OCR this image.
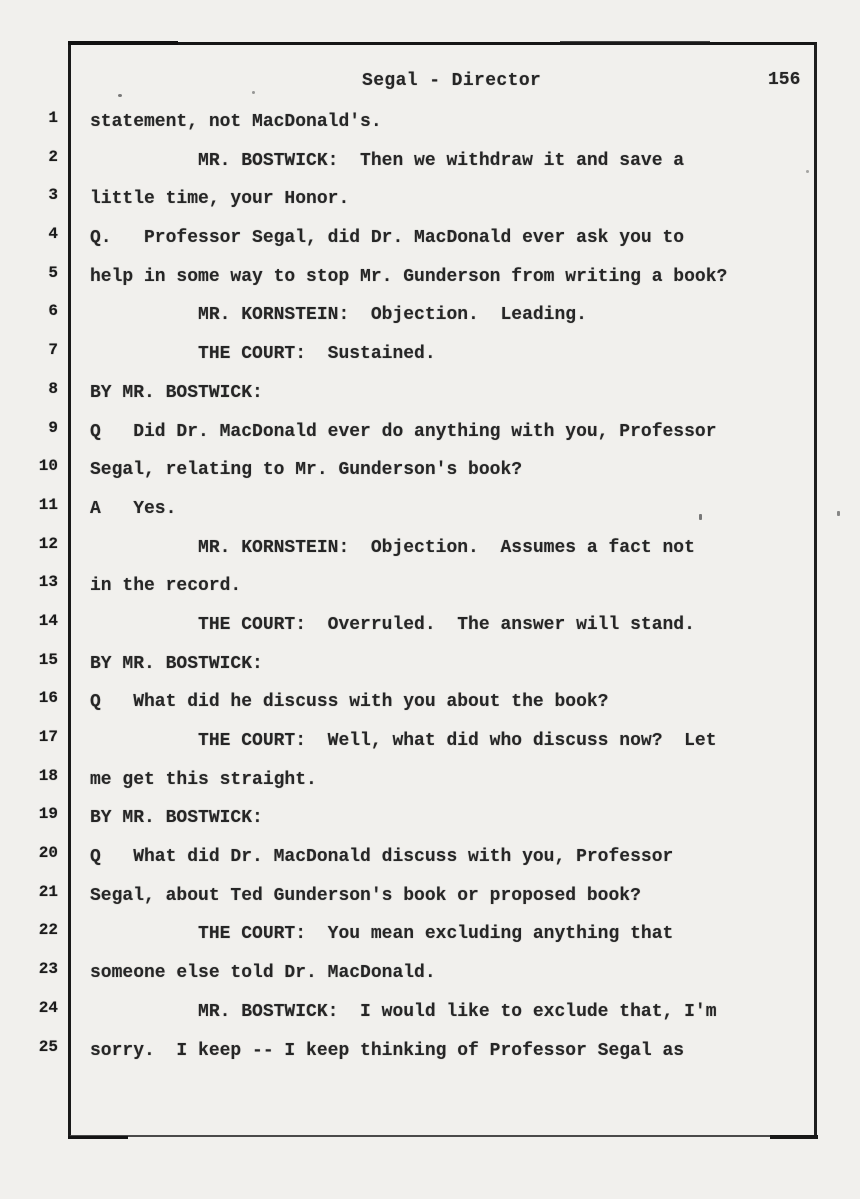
Segal - Director	156
1
2
3
4
5
6
7
8
9
10
11
12
13
14
15
16
17
18
19
20
21
22
23
24
25
statement, not MacDonald's.
MR. BOSTWICK:  Then we withdraw it and save a
little time, your Honor.
Q.   Professor Segal, did Dr. MacDonald ever ask you to
help in some way to stop Mr. Gunderson from writing a book?
MR. KORNSTEIN:  Objection.  Leading.
THE COURT:  Sustained.
BY MR. BOSTWICK:
Q   Did Dr. MacDonald ever do anything with you, Professor
Segal, relating to Mr. Gunderson's book?
A   Yes.
MR. KORNSTEIN:  Objection.  Assumes a fact not
in the record.
THE COURT:  Overruled.  The answer will stand.
BY MR. BOSTWICK:
Q   What did he discuss with you about the book?
THE COURT:  Well, what did who discuss now?  Let
me get this straight.
BY MR. BOSTWICK:
Q   What did Dr. MacDonald discuss with you, Professor
Segal, about Ted Gunderson's book or proposed book?
THE COURT:  You mean excluding anything that
someone else told Dr. MacDonald.
MR. BOSTWICK:  I would like to exclude that, I'm
sorry.  I keep -- I keep thinking of Professor Segal as
